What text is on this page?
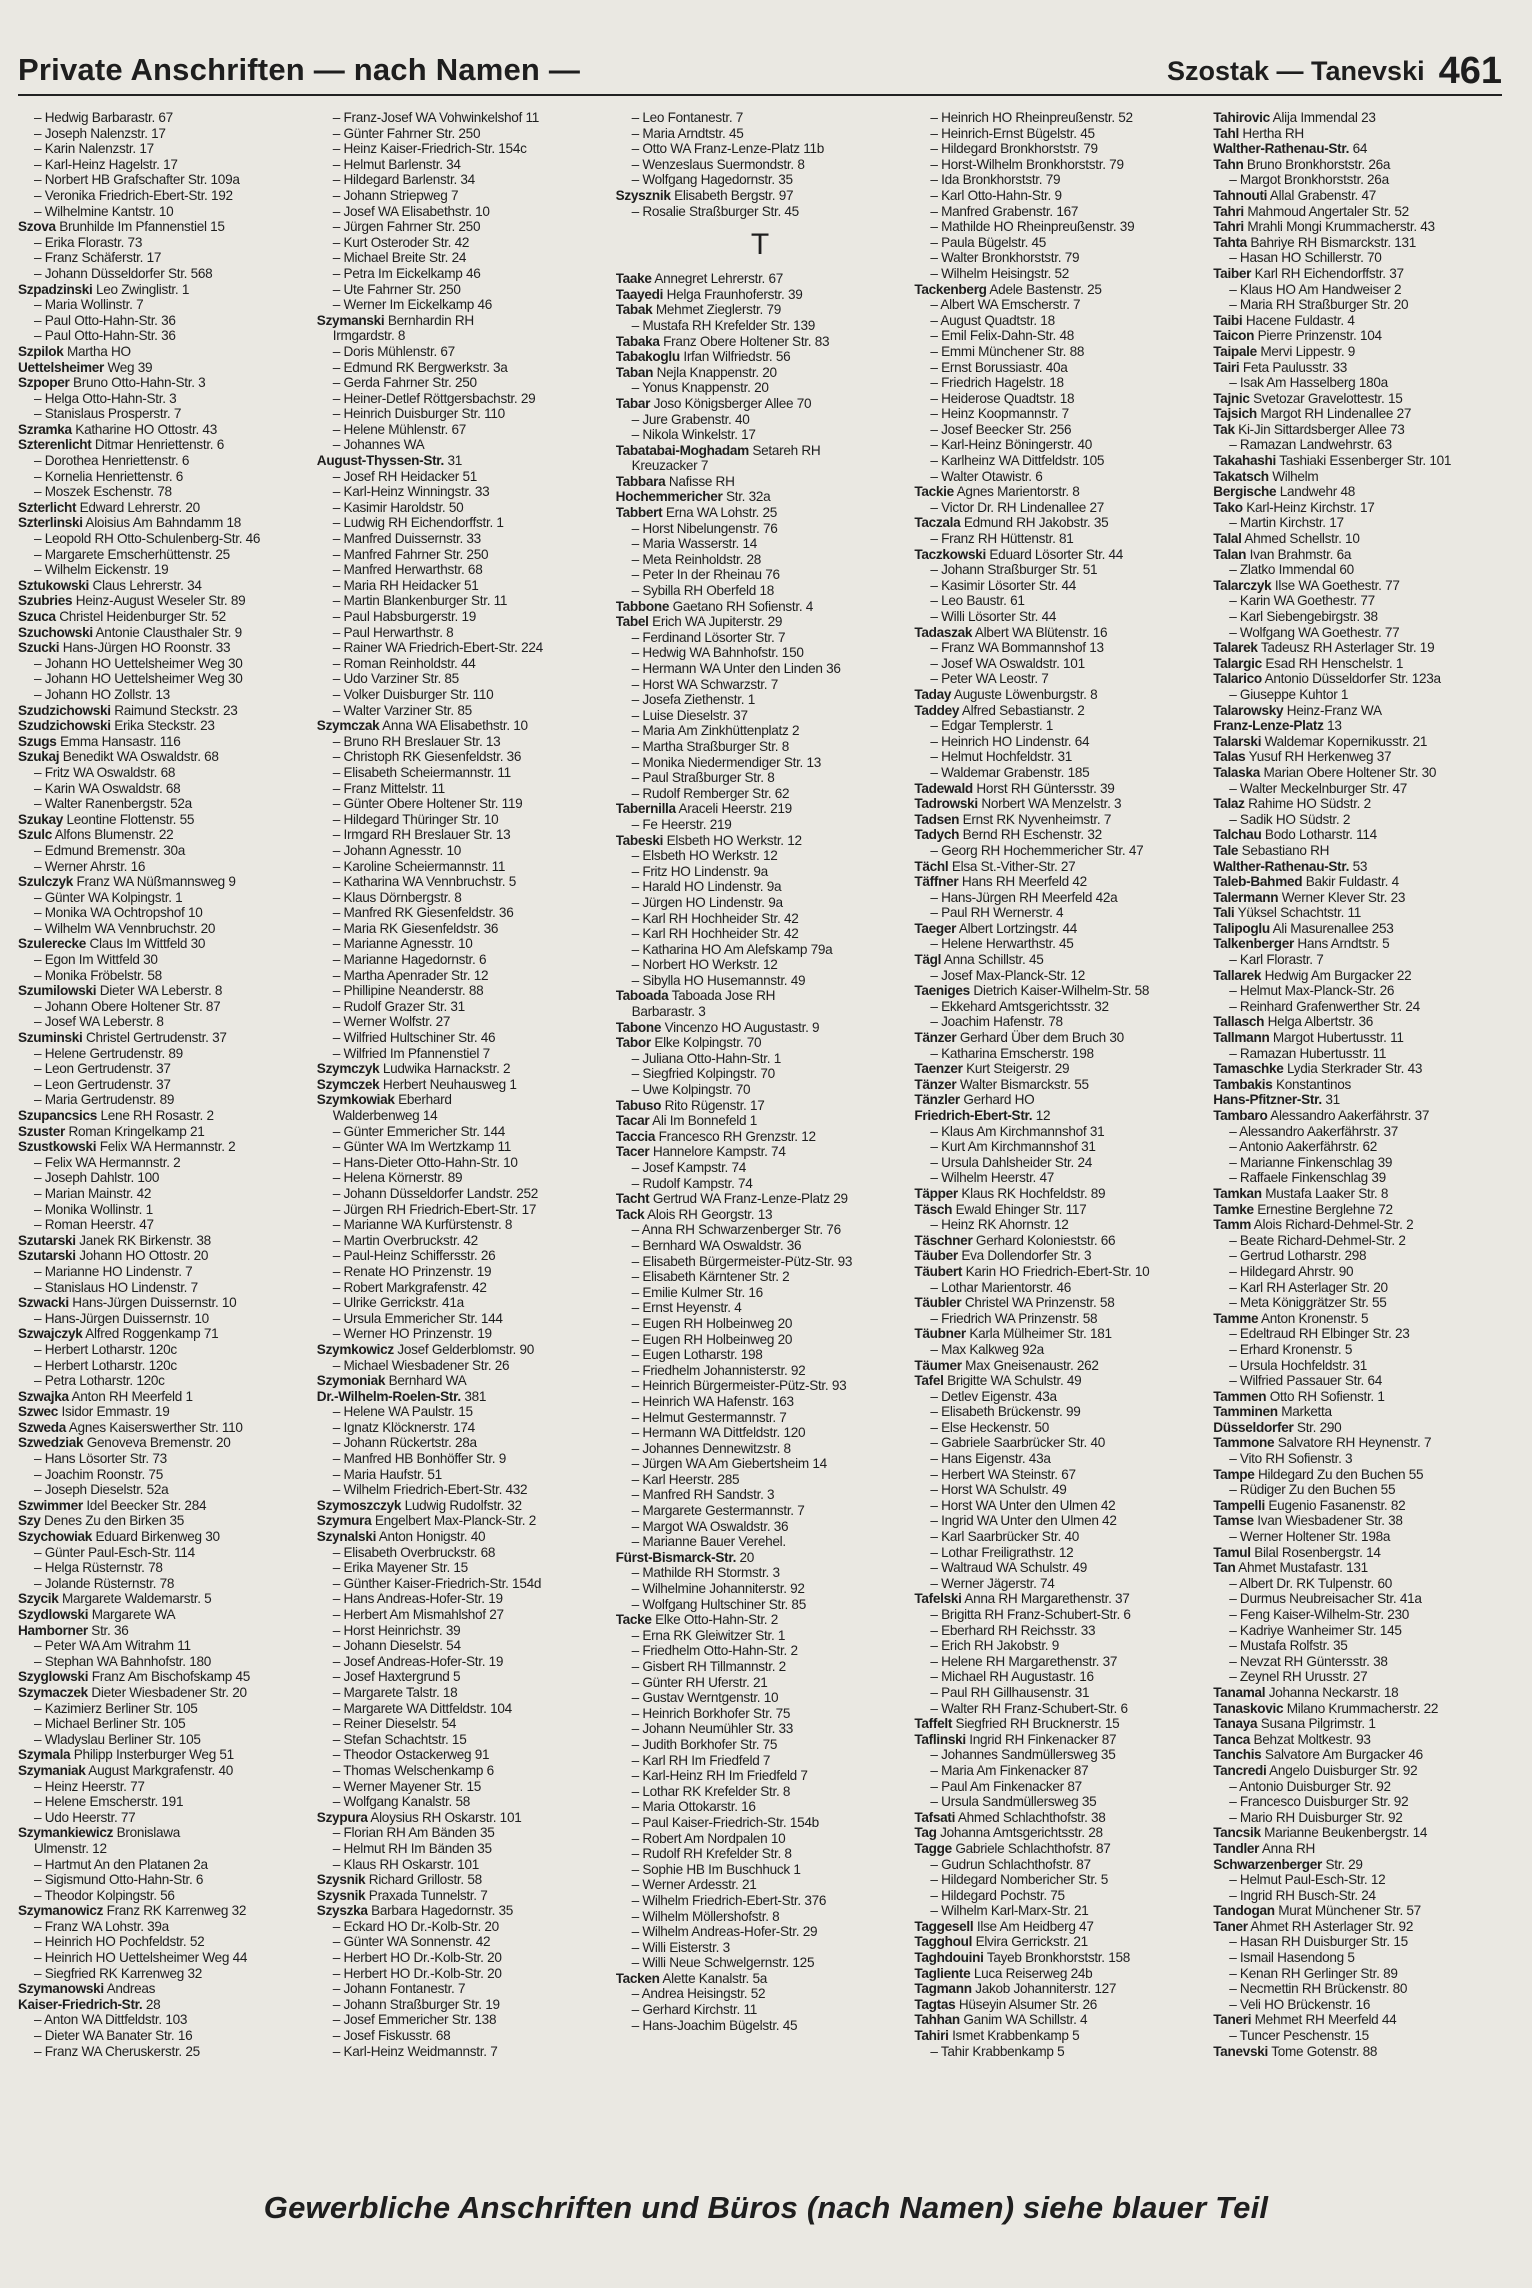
Private Anschriften — nach Namen —	Szostak — Tanevski 461
– Hedwig Barbarastr. 67
– Joseph Nalenzstr. 17
– Karin Nalenzstr. 17
– Karl-Heinz Hagelstr. 17
– Norbert HB Grafschafter Str. 109a
– Veronika Friedrich-Ebert-Str. 192
– Wilhelmine Kantstr. 10
Szova Brunhilde Im Pfannenstiel 15
– Erika Florastr. 73
– Franz Schäferstr. 17
– Johann Düsseldorfer Str. 568
Szpadzinski Leo Zwinglistr. 1
– Maria Wollinstr. 7
– Paul Otto-Hahn-Str. 36
– Paul Otto-Hahn-Str. 36
Szpilok Martha HO
Uettelsheimer Weg 39
Szpoper Bruno Otto-Hahn-Str. 3
– Helga Otto-Hahn-Str. 3
– Stanislaus Prosperstr. 7
Szramka Katharine HO Ottostr. 43
Szterenlicht Ditmar Henriettenstr. 6
– Dorothea Henriettenstr. 6
– Kornelia Henriettenstr. 6
– Moszek Eschenstr. 78
Szterlicht Edward Lehrerstr. 20
Szterlinski Aloisius Am Bahndamm 18
– Leopold RH Otto-Schulenberg-Str. 46
– Margarete Emscherhüttenstr. 25
– Wilhelm Eickenstr. 19
Sztukowski Claus Lehrerstr. 34
Szubries Heinz-August Weseler Str. 89
Szuca Christel Heidenburger Str. 52
Szuchowski Antonie Clausthaler Str. 9
Szucki Hans-Jürgen HO Roonstr. 33
– Johann HO Uettelsheimer Weg 30
– Johann HO Uettelsheimer Weg 30
– Johann HO Zollstr. 13
Szudzichowski Raimund Steckstr. 23
Szudzichowski Erika Steckstr. 23
Szugs Emma Hansastr. 116
Szukaj Benedikt WA Oswaldstr. 68
– Fritz WA Oswaldstr. 68
– Karin WA Oswaldstr. 68
– Walter Ranenbergstr. 52a
Szukay Leontine Flottenstr. 55
Szulc Alfons Blumenstr. 22
– Edmund Bremenstr. 30a
– Werner Ahrstr. 16
Szulczyk Franz WA Nüßmannsweg 9
– Günter WA Kolpingstr. 1
– Monika WA Ochtropshof 10
– Wilhelm WA Vennbruchstr. 20
Szulerecke Claus Im Wittfeld 30
– Egon Im Wittfeld 30
– Monika Fröbelstr. 58
Szumilowski Dieter WA Leberstr. 8
– Johann Obere Holtener Str. 87
– Josef WA Leberstr. 8
Szuminski Christel Gertrudenstr. 37
– Helene Gertrudenstr. 89
– Leon Gertrudenstr. 37
– Leon Gertrudenstr. 37
– Maria Gertrudenstr. 89
Szupancsics Lene RH Rosastr. 2
Szuster Roman Kringelkamp 21
Szustkowski Felix WA Hermannstr. 2
– Felix WA Hermannstr. 2
– Joseph Dahlstr. 100
– Marian Mainstr. 42
– Monika Wollinstr. 1
– Roman Heerstr. 47
Szutarski Janek RK Birkenstr. 38
Szutarski Johann HO Ottostr. 20
– Marianne HO Lindenstr. 7
– Stanislaus HO Lindenstr. 7
Szwacki Hans-Jürgen Duissernstr. 10
– Hans-Jürgen Duissernstr. 10
Szwajczyk Alfred Roggenkamp 71
– Herbert Lotharstr. 120c
– Herbert Lotharstr. 120c
– Petra Lotharstr. 120c
Szwajka Anton RH Meerfeld 1
Szwec Isidor Emmastr. 19
Szweda Agnes Kaiserswerther Str. 110
Szwedziak Genoveva Bremenstr. 20
– Hans Lösorter Str. 73
– Joachim Roonstr. 75
– Joseph Dieselstr. 52a
Szwimmer Idel Beecker Str. 284
Szy Denes Zu den Birken 35
Szychowiak Eduard Birkenweg 30
– Günter Paul-Esch-Str. 114
– Helga Rüsternstr. 78
– Jolande Rüsternstr. 78
Szycik Margarete Waldemarstr. 5
Szydlowski Margarete WA
Hamborner Str. 36
– Peter WA Am Witrahm 11
– Stephan WA Bahnhofstr. 180
Szyglowski Franz Am Bischofskamp 45
Szymaczek Dieter Wiesbadener Str. 20
– Kazimierz Berliner Str. 105
– Michael Berliner Str. 105
– Wladyslau Berliner Str. 105
Szymala Philipp Insterburger Weg 51
Szymaniak August Markgrafenstr. 40
– Heinz Heerstr. 77
– Helene Emscherstr. 191
– Udo Heerstr. 77
Szymankiewicz Bronislawa
Ulmenstr. 12
– Hartmut An den Platanen 2a
– Sigismund Otto-Hahn-Str. 6
– Theodor Kolpingstr. 56
Szymanowicz Franz RK Karrenweg 32
– Franz WA Lohstr. 39a
– Heinrich HO Pochfeldstr. 52
– Heinrich HO Uettelsheimer Weg 44
– Siegfried RK Karrenweg 32
Szymanowski Andreas
Kaiser-Friedrich-Str. 28
– Anton WA Dittfeldstr. 103
– Dieter WA Banater Str. 16
– Franz WA Cheruskerstr. 25
– Franz-Josef WA Vohwinkelshof 11
– Günter Fahrner Str. 250
– Heinz Kaiser-Friedrich-Str. 154c
– Helmut Barlenstr. 34
– Hildegard Barlenstr. 34
– Johann Striepweg 7
– Josef WA Elisabethstr. 10
– Jürgen Fahrner Str. 250
– Kurt Osteroder Str. 42
– Michael Breite Str. 24
– Petra Im Eickelkamp 46
– Ute Fahrner Str. 250
– Werner Im Eickelkamp 46
Szymanski Bernhardin RH
Irmgardstr. 8
– Doris Mühlenstr. 67
– Edmund RK Bergwerkstr. 3a
– Gerda Fahrner Str. 250
– Heiner-Detlef Röttgersbachstr. 29
– Heinrich Duisburger Str. 110
– Helene Mühlenstr. 67
– Johannes WA
August-Thyssen-Str. 31
– Josef RH Heidacker 51
– Karl-Heinz Winningstr. 33
– Kasimir Haroldstr. 50
– Ludwig RH Eichendorffstr. 1
– Manfred Duissernstr. 33
– Manfred Fahrner Str. 250
– Manfred Herwarthstr. 68
– Maria RH Heidacker 51
– Martin Blankenburger Str. 11
– Paul Habsburgerstr. 19
– Paul Herwarthstr. 8
– Rainer WA Friedrich-Ebert-Str. 224
– Roman Reinholdstr. 44
– Udo Varziner Str. 85
– Volker Duisburger Str. 110
– Walter Varziner Str. 85
Szymczak Anna WA Elisabethstr. 10
– Bruno RH Breslauer Str. 13
– Christoph RK Giesenfeldstr. 36
– Elisabeth Scheiermannstr. 11
– Franz Mittelstr. 11
– Günter Obere Holtener Str. 119
– Hildegard Thüringer Str. 10
– Irmgard RH Breslauer Str. 13
– Johann Agnesstr. 10
– Karoline Scheiermannstr. 11
– Katharina WA Vennbruchstr. 5
– Klaus Dörnbergstr. 8
– Manfred RK Giesenfeldstr. 36
– Maria RK Giesenfeldstr. 36
– Marianne Agnesstr. 10
– Marianne Hagedornstr. 6
– Martha Apenrader Str. 12
– Phillipine Neanderstr. 88
– Rudolf Grazer Str. 31
– Werner Wolfstr. 27
– Wilfried Hultschiner Str. 46
– Wilfried Im Pfannenstiel 7
Szymczyk Ludwika Harnackstr. 2
Szymczek Herbert Neuhausweg 1
Szymkowiak Eberhard
Walderbenweg 14
– Günter Emmericher Str. 144
– Günter WA Im Wertzkamp 11
– Hans-Dieter Otto-Hahn-Str. 10
– Helena Körnerstr. 89
– Johann Düsseldorfer Landstr. 252
– Jürgen RH Friedrich-Ebert-Str. 17
– Marianne WA Kurfürstenstr. 8
– Martin Overbruckstr. 42
– Paul-Heinz Schiffersstr. 26
– Renate HO Prinzenstr. 19
– Robert Markgrafenstr. 42
– Ulrike Gerrickstr. 41a
– Ursula Emmericher Str. 144
– Werner HO Prinzenstr. 19
Szymkowicz Josef Gelderblomstr. 90
– Michael Wiesbadener Str. 26
Szymoniak Bernhard WA
Dr.-Wilhelm-Roelen-Str. 381
– Helene WA Paulstr. 15
– Ignatz Klöcknerstr. 174
– Johann Rückertstr. 28a
– Manfred HB Bonhöffer Str. 9
– Maria Haufstr. 51
– Wilhelm Friedrich-Ebert-Str. 432
Szymoszczyk Ludwig Rudolfstr. 32
Szymura Engelbert Max-Planck-Str. 2
Szynalski Anton Honigstr. 40
– Elisabeth Overbruckstr. 68
– Erika Mayener Str. 15
– Günther Kaiser-Friedrich-Str. 154d
– Hans Andreas-Hofer-Str. 19
– Herbert Am Mismahlshof 27
– Horst Heinrichstr. 39
– Johann Dieselstr. 54
– Josef Andreas-Hofer-Str. 19
– Josef Haxtergrund 5
– Margarete Talstr. 18
– Margarete WA Dittfeldstr. 104
– Reiner Dieselstr. 54
– Stefan Schachtstr. 15
– Theodor Ostackerweg 91
– Thomas Welschenkamp 6
– Werner Mayener Str. 15
– Wolfgang Kanalstr. 58
Szypura Aloysius RH Oskarstr. 101
– Florian RH Am Bänden 35
– Helmut RH Im Bänden 35
– Klaus RH Oskarstr. 101
Szysnik Richard Grillostr. 58
Szysnik Praxada Tunnelstr. 7
Szyszka Barbara Hagedornstr. 35
– Eckard HO Dr.-Kolb-Str. 20
– Günter WA Sonnenstr. 42
– Herbert HO Dr.-Kolb-Str. 20
– Herbert HO Dr.-Kolb-Str. 20
– Johann Fontanestr. 7
– Johann Straßburger Str. 19
– Josef Emmericher Str. 138
– Josef Fiskusstr. 68
– Karl-Heinz Weidmannstr. 7
– Leo Fontanestr. 7
– Maria Arndtstr. 45
– Otto WA Franz-Lenze-Platz 11b
– Wenzeslaus Suermondstr. 8
– Wolfgang Hagedornstr. 35
Szysznik Elisabeth Bergstr. 97
– Rosalie Straßburger Str. 45
T
Taake Annegret Lehrerstr. 67
Taayedi Helga Fraunhoferstr. 39
Tabak Mehmet Zieglerstr. 79
– Mustafa RH Krefelder Str. 139
Tabaka Franz Obere Holtener Str. 83
Tabakoglu Irfan Wilfriedstr. 56
Taban Nejla Knappenstr. 20
– Yonus Knappenstr. 20
Tabar Joso Königsberger Allee 70
– Jure Grabenstr. 40
– Nikola Winkelstr. 17
Tabatabai-Moghadam Setareh RH
Kreuzacker 7
Tabbara Nafisse RH
Hochemmericher Str. 32a
Tabbert Erna WA Lohstr. 25
– Horst Nibelungenstr. 76
– Maria Wasserstr. 14
– Meta Reinholdstr. 28
– Peter In der Rheinau 76
– Sybilla RH Oberfeld 18
Tabbone Gaetano RH Sofienstr. 4
Tabel Erich WA Jupiterstr. 29
– Ferdinand Lösorter Str. 7
– Hedwig WA Bahnhofstr. 150
– Hermann WA Unter den Linden 36
– Horst WA Schwarzstr. 7
– Josefa Ziethenstr. 1
– Luise Dieselstr. 37
– Maria Am Zinkhüttenplatz 2
– Martha Straßburger Str. 8
– Monika Niedermendiger Str. 13
– Paul Straßburger Str. 8
– Rudolf Remberger Str. 62
Tabernilla Araceli Heerstr. 219
– Fe Heerstr. 219
Tabeski Elsbeth HO Werkstr. 12
– Elsbeth HO Werkstr. 12
– Fritz HO Lindenstr. 9a
– Harald HO Lindenstr. 9a
– Jürgen HO Lindenstr. 9a
– Karl RH Hochheider Str. 42
– Karl RH Hochheider Str. 42
– Katharina HO Am Alefskamp 79a
– Norbert HO Werkstr. 12
– Sibylla HO Husemannstr. 49
Taboada Taboada Jose RH
Barbarastr. 3
Tabone Vincenzo HO Augustastr. 9
Tabor Elke Kolpingstr. 70
– Juliana Otto-Hahn-Str. 1
– Siegfried Kolpingstr. 70
– Uwe Kolpingstr. 70
Tabuso Rito Rügenstr. 17
Tacar Ali Im Bonnefeld 1
Taccia Francesco RH Grenzstr. 12
Tacer Hannelore Kampstr. 74
– Josef Kampstr. 74
– Rudolf Kampstr. 74
Tacht Gertrud WA Franz-Lenze-Platz 29
Tack Alois RH Georgstr. 13
– Anna RH Schwarzenberger Str. 76
– Bernhard WA Oswaldstr. 36
– Elisabeth Bürgermeister-Pütz-Str. 93
– Elisabeth Kärntener Str. 2
– Emilie Kulmer Str. 16
– Ernst Heyenstr. 4
– Eugen RH Holbeinweg 20
– Eugen RH Holbeinweg 20
– Eugen Lotharstr. 198
– Friedhelm Johannisterstr. 92
– Heinrich Bürgermeister-Pütz-Str. 93
– Heinrich WA Hafenstr. 163
– Helmut Gestermannstr. 7
– Hermann WA Dittfeldstr. 120
– Johannes Dennewitzstr. 8
– Jürgen WA Am Giebertsheim 14
– Karl Heerstr. 285
– Manfred RH Sandstr. 3
– Margarete Gestermannstr. 7
– Margot WA Oswaldstr. 36
– Marianne Bauer Verehel.
Fürst-Bismarck-Str. 20
– Mathilde RH Stormstr. 3
– Wilhelmine Johanniterstr. 92
– Wolfgang Hultschiner Str. 85
Tacke Elke Otto-Hahn-Str. 2
– Erna RK Gleiwitzer Str. 1
– Friedhelm Otto-Hahn-Str. 2
– Gisbert RH Tillmannstr. 2
– Günter RH Uferstr. 21
– Gustav Werntgenstr. 10
– Heinrich Borkhofer Str. 75
– Johann Neumühler Str. 33
– Judith Borkhofer Str. 75
– Karl RH Im Friedfeld 7
– Karl-Heinz RH Im Friedfeld 7
– Lothar RK Krefelder Str. 8
– Maria Ottokarstr. 16
– Paul Kaiser-Friedrich-Str. 154b
– Robert Am Nordpalen 10
– Rudolf RH Krefelder Str. 8
– Sophie HB Im Buschhuck 1
– Werner Ardesstr. 21
– Wilhelm Friedrich-Ebert-Str. 376
– Wilhelm Möllershofstr. 8
– Wilhelm Andreas-Hofer-Str. 29
– Willi Eisterstr. 3
– Willi Neue Schwelgernstr. 125
Tacken Alette Kanalstr. 5a
– Andrea Heisingstr. 52
– Gerhard Kirchstr. 11
– Hans-Joachim Bügelstr. 45
– Heinrich HO Rheinpreußenstr. 52
– Heinrich-Ernst Bügelstr. 45
– Hildegard Bronkhorststr. 79
– Horst-Wilhelm Bronkhorststr. 79
– Ida Bronkhorststr. 79
– Karl Otto-Hahn-Str. 9
– Manfred Grabenstr. 167
– Mathilde HO Rheinpreußenstr. 39
– Paula Bügelstr. 45
– Walter Bronkhorststr. 79
– Wilhelm Heisingstr. 52
Tackenberg Adele Bastenstr. 25
– Albert WA Emscherstr. 7
– August Quadtstr. 18
– Emil Felix-Dahn-Str. 48
– Emmi Münchener Str. 88
– Ernst Borussiastr. 40a
– Friedrich Hagelstr. 18
– Heiderose Quadtstr. 18
– Heinz Koopmannstr. 7
– Josef Beecker Str. 256
– Karl-Heinz Böningerstr. 40
– Karlheinz WA Dittfeldstr. 105
– Walter Otawistr. 6
Tackie Agnes Marientorstr. 8
– Victor Dr. RH Lindenallee 27
Taczala Edmund RH Jakobstr. 35
– Franz RH Hüttenstr. 81
Taczkowski Eduard Lösorter Str. 44
– Johann Straßburger Str. 51
– Kasimir Lösorter Str. 44
– Leo Baustr. 61
– Willi Lösorter Str. 44
Tadaszak Albert WA Blütenstr. 16
– Franz WA Bommannshof 13
– Josef WA Oswaldstr. 101
– Peter WA Leostr. 7
Taday Auguste Löwenburgstr. 8
Taddey Alfred Sebastianstr. 2
– Edgar Templerstr. 1
– Heinrich HO Lindenstr. 64
– Helmut Hochfeldstr. 31
– Waldemar Grabenstr. 185
Tadewald Horst RH Güntersstr. 39
Tadrowski Norbert WA Menzelstr. 3
Tadsen Ernst RK Nyvenheimstr. 7
Tadych Bernd RH Eschenstr. 32
– Georg RH Hochemmericher Str. 47
Tächl Elsa St.-Vither-Str. 27
Täffner Hans RH Meerfeld 42
– Hans-Jürgen RH Meerfeld 42a
– Paul RH Wernerstr. 4
Taeger Albert Lortzingstr. 44
– Helene Herwarthstr. 45
Tägl Anna Schillstr. 45
– Josef Max-Planck-Str. 12
Taeniges Dietrich Kaiser-Wilhelm-Str. 58
– Ekkehard Amtsgerichtsstr. 32
– Joachim Hafenstr. 78
Tänzer Gerhard Über dem Bruch 30
– Katharina Emscherstr. 198
Taenzer Kurt Steigerstr. 29
Tänzer Walter Bismarckstr. 55
Tänzler Gerhard HO
Friedrich-Ebert-Str. 12
– Klaus Am Kirchmannshof 31
– Kurt Am Kirchmannshof 31
– Ursula Dahlsheider Str. 24
– Wilhelm Heerstr. 47
Täpper Klaus RK Hochfeldstr. 89
Täsch Ewald Ehinger Str. 117
– Heinz RK Ahornstr. 12
Täschner Gerhard Kolonieststr. 66
Täuber Eva Dollendorfer Str. 3
Täubert Karin HO Friedrich-Ebert-Str. 10
– Lothar Marientorstr. 46
Täubler Christel WA Prinzenstr. 58
– Friedrich WA Prinzenstr. 58
Täubner Karla Mülheimer Str. 181
– Max Kalkweg 92a
Täumer Max Gneisenaustr. 262
Tafel Brigitte WA Schulstr. 49
– Detlev Eigenstr. 43a
– Elisabeth Brückenstr. 99
– Else Heckenstr. 50
– Gabriele Saarbrücker Str. 40
– Hans Eigenstr. 43a
– Herbert WA Steinstr. 67
– Horst WA Schulstr. 49
– Horst WA Unter den Ulmen 42
– Ingrid WA Unter den Ulmen 42
– Karl Saarbrücker Str. 40
– Lothar Freiligrathstr. 12
– Waltraud WA Schulstr. 49
– Werner Jägerstr. 74
Tafelski Anna RH Margarethenstr. 37
– Brigitta RH Franz-Schubert-Str. 6
– Eberhard RH Reichsstr. 33
– Erich RH Jakobstr. 9
– Helene RH Margarethenstr. 37
– Michael RH Augustastr. 16
– Paul RH Gillhausenstr. 31
– Walter RH Franz-Schubert-Str. 6
Taffelt Siegfried RH Brucknerstr. 15
Taflinski Ingrid RH Finkenacker 87
– Johannes Sandmüllersweg 35
– Maria Am Finkenacker 87
– Paul Am Finkenacker 87
– Ursula Sandmüllersweg 35
Tafsati Ahmed Schlachthofstr. 38
Tag Johanna Amtsgerichtsstr. 28
Tagge Gabriele Schlachthofstr. 87
– Gudrun Schlachthofstr. 87
– Hildegard Nombericher Str. 5
– Hildegard Pochstr. 75
– Wilhelm Karl-Marx-Str. 21
Taggesell Ilse Am Heidberg 47
Tagghoul Elvira Gerrickstr. 21
Taghdouini Tayeb Bronkhorststr. 158
Tagliente Luca Reiserweg 24b
Tagmann Jakob Johanniterstr. 127
Tagtas Hüseyin Alsumer Str. 26
Tahhan Ganim WA Schillstr. 4
Tahiri Ismet Krabbenkamp 5
– Tahir Krabbenkamp 5
Tahirovic Alija Immendal 23
Tahl Hertha RH
Walther-Rathenau-Str. 64
Tahn Bruno Bronkhorststr. 26a
– Margot Bronkhorststr. 26a
Tahnouti Allal Grabenstr. 47
Tahri Mahmoud Angertaler Str. 52
Tahri Mrahli Mongi Krummacherstr. 43
Tahta Bahriye RH Bismarckstr. 131
– Hasan HO Schillerstr. 70
Taiber Karl RH Eichendorffstr. 37
– Klaus HO Am Handweiser 2
– Maria RH Straßburger Str. 20
Taibi Hacene Fuldastr. 4
Taicon Pierre Prinzenstr. 104
Taipale Mervi Lippestr. 9
Tairi Feta Paulusstr. 33
– Isak Am Hasselberg 180a
Tajnic Svetozar Gravelottestr. 15
Tajsich Margot RH Lindenallee 27
Tak Ki-Jin Sittardsberger Allee 73
– Ramazan Landwehrstr. 63
Takahashi Tashiaki Essenberger Str. 101
Takatsch Wilhelm
Bergische Landwehr 48
Tako Karl-Heinz Kirchstr. 17
– Martin Kirchstr. 17
Talal Ahmed Schellstr. 10
Talan Ivan Brahmstr. 6a
– Zlatko Immendal 60
Talarczyk Ilse WA Goethestr. 77
– Karin WA Goethestr. 77
– Karl Siebengebirgstr. 38
– Wolfgang WA Goethestr. 77
Talarek Tadeusz RH Asterlager Str. 19
Talargic Esad RH Henschelstr. 1
Talarico Antonio Düsseldorfer Str. 123a
– Giuseppe Kuhtor 1
Talarowsky Heinz-Franz WA
Franz-Lenze-Platz 13
Talarski Waldemar Kopernikusstr. 21
Talas Yusuf RH Herkenweg 37
Talaska Marian Obere Holtener Str. 30
– Walter Meckelnburger Str. 47
Talaz Rahime HO Südstr. 2
– Sadik HO Südstr. 2
Talchau Bodo Lotharstr. 114
Tale Sebastiano RH
Walther-Rathenau-Str. 53
Taleb-Bahmed Bakir Fuldastr. 4
Talermann Werner Klever Str. 23
Tali Yüksel Schachtstr. 11
Talipoglu Ali Masurenallee 253
Talkenberger Hans Arndtstr. 5
– Karl Florastr. 7
Tallarek Hedwig Am Burgacker 22
– Helmut Max-Planck-Str. 26
– Reinhard Grafenwerther Str. 24
Tallasch Helga Albertstr. 36
Tallmann Margot Hubertusstr. 11
– Ramazan Hubertusstr. 11
Tamaschke Lydia Sterkrader Str. 43
Tambakis Konstantinos
Hans-Pfitzner-Str. 31
Tambaro Alessandro Aakerfährstr. 37
– Alessandro Aakerfährstr. 37
– Antonio Aakerfährstr. 62
– Marianne Finkenschlag 39
– Raffaele Finkenschlag 39
Tamkan Mustafa Laaker Str. 8
Tamke Ernestine Berglehne 72
Tamm Alois Richard-Dehmel-Str. 2
– Beate Richard-Dehmel-Str. 2
– Gertrud Lotharstr. 298
– Hildegard Ahrstr. 90
– Karl RH Asterlager Str. 20
– Meta Königgrätzer Str. 55
Tamme Anton Kronenstr. 5
– Edeltraud RH Elbinger Str. 23
– Erhard Kronenstr. 5
– Ursula Hochfeldstr. 31
– Wilfried Passauer Str. 64
Tammen Otto RH Sofienstr. 1
Tamminen Marketta
Düsseldorfer Str. 290
Tammone Salvatore RH Heynenstr. 7
– Vito RH Sofienstr. 3
Tampe Hildegard Zu den Buchen 55
– Rüdiger Zu den Buchen 55
Tampelli Eugenio Fasanenstr. 82
Tamse Ivan Wiesbadener Str. 38
– Werner Holtener Str. 198a
Tamul Bilal Rosenbergstr. 14
Tan Ahmet Mustafastr. 131
– Albert Dr. RK Tulpenstr. 60
– Durmus Neubreisacher Str. 41a
– Feng Kaiser-Wilhelm-Str. 230
– Kadriye Wanheimer Str. 145
– Mustafa Rolfstr. 35
– Nevzat RH Güntersstr. 38
– Zeynel RH Urusstr. 27
Tanamal Johanna Neckarstr. 18
Tanaskovic Milano Krummacherstr. 22
Tanaya Susana Pilgrimstr. 1
Tanca Behzat Moltkestr. 93
Tanchis Salvatore Am Burgacker 46
Tancredi Angelo Duisburger Str. 92
– Antonio Duisburger Str. 92
– Francesco Duisburger Str. 92
– Mario RH Duisburger Str. 92
Tancsik Marianne Beukenbergstr. 14
Tandler Anna RH
Schwarzenberger Str. 29
– Helmut Paul-Esch-Str. 12
– Ingrid RH Busch-Str. 24
Tandogan Murat Münchener Str. 57
Taner Ahmet RH Asterlager Str. 92
– Hasan RH Duisburger Str. 15
– Ismail Hasendong 5
– Kenan RH Gerlinger Str. 89
– Necmettin RH Brückenstr. 80
– Veli HO Brückenstr. 16
Taneri Mehmet RH Meerfeld 44
– Tuncer Peschenstr. 15
Tanevski Tome Gotenstr. 88
Gewerbliche Anschriften und Büros (nach Namen) siehe blauer Teil
